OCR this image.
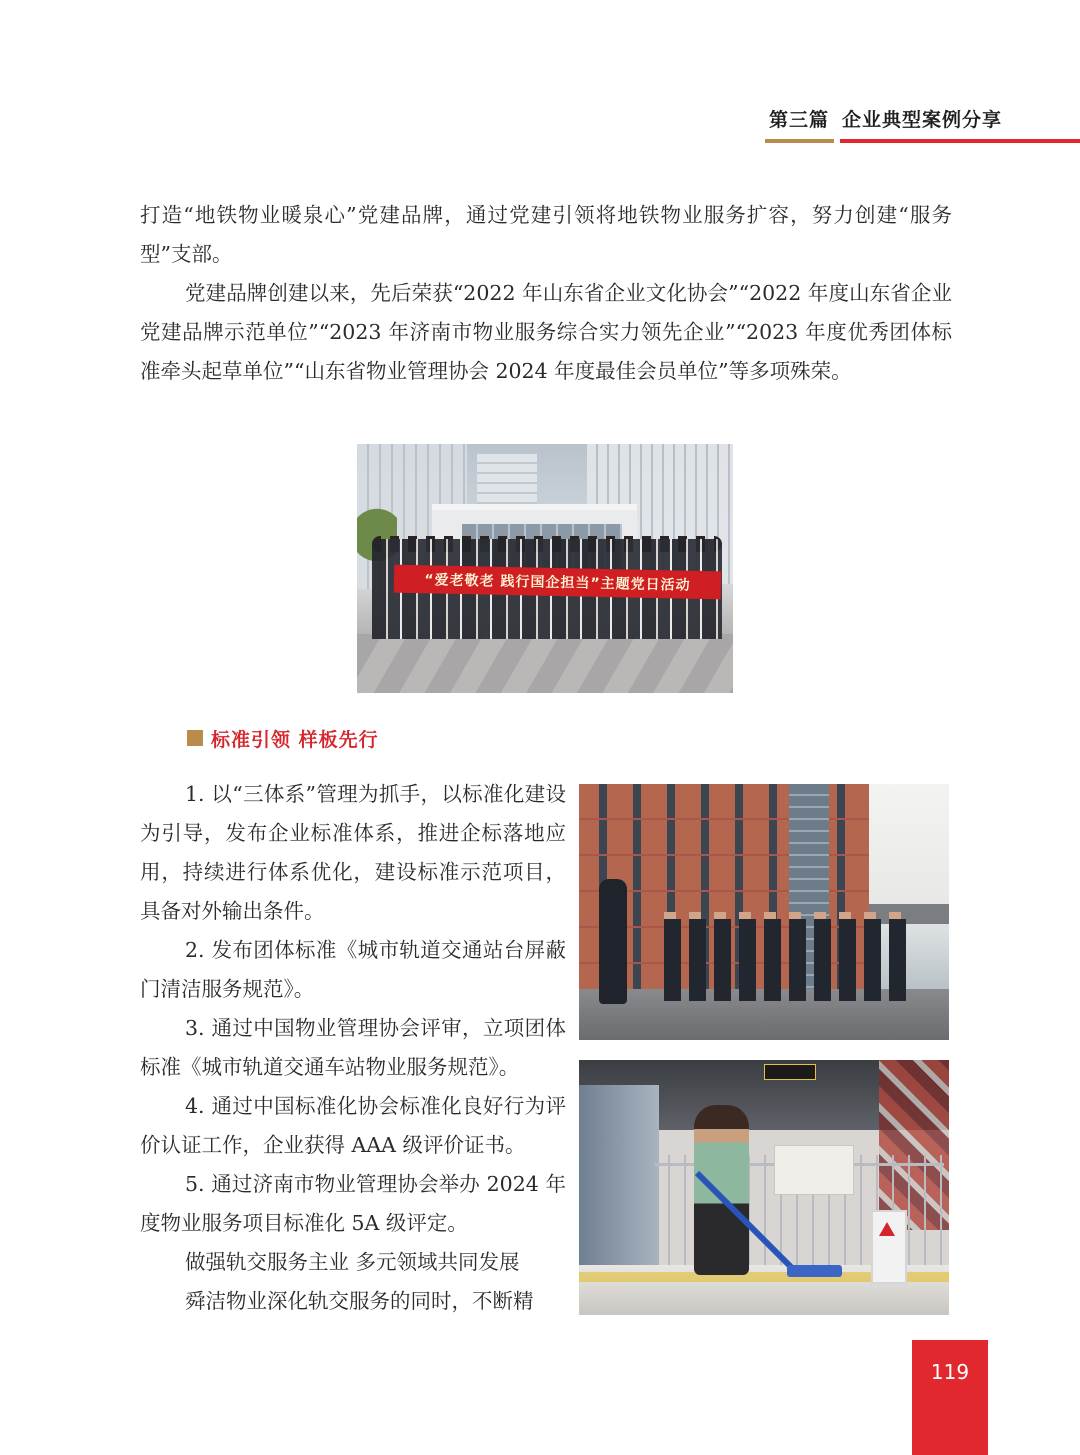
第三篇 企业典型案例分享
打造“地铁物业暖泉心”党建品牌，通过党建引领将地铁物业服务扩容，努力创建“服务型”支部。
党建品牌创建以来，先后荣获“2022 年山东省企业文化协会”“2022 年度山东省企业党建品牌示范单位”“2023 年济南市物业服务综合实力领先企业”“2023 年度优秀团体标准牵头起草单位”“山东省物业管理协会 2024 年度最佳会员单位”等多项殊荣。
“爱老敬老 践行国企担当”主题党日活动
标准引领 样板先行

1. 以“三体系”管理为抓手，以标准化建设为引导，发布企业标准体系，推进企标落地应用，持续进行体系优化，建设标准示范项目，具备对外输出条件。

2. 发布团体标准《城市轨道交通站台屏蔽门清洁服务规范》。

3. 通过中国物业管理协会评审，立项团体标准《城市轨道交通车站物业服务规范》。

4. 通过中国标准化协会标准化良好行为评价认证工作，企业获得 AAA 级评价证书。

5. 通过济南市物业管理协会举办 2024 年度物业服务项目标准化 5A 级评定。

做强轨交服务主业 多元领域共同发展

舜洁物业深化轨交服务的同时，不断精

119
